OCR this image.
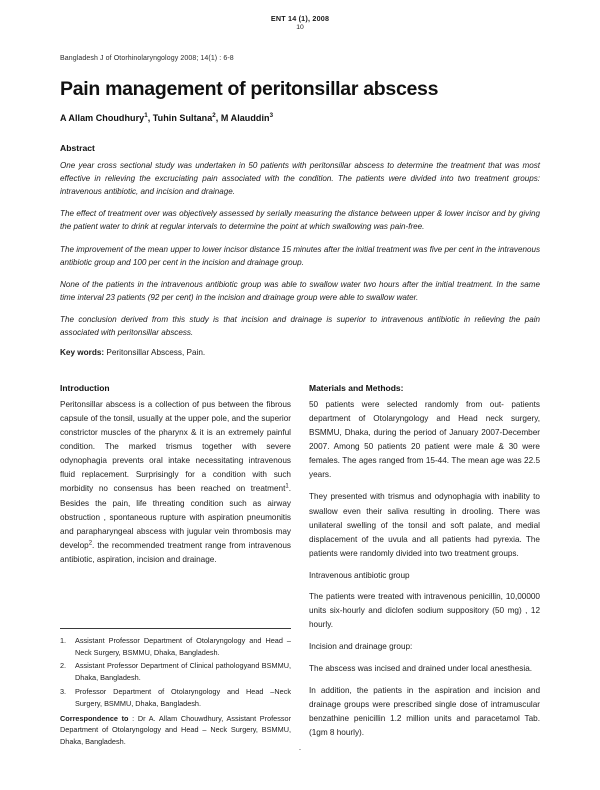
ENT 14 (1), 2008
10
Bangladesh J of Otorhinolaryngology 2008; 14(1) : 6-8
Pain management of peritonsillar abscess
A Allam Choudhury$^1$, Tuhin Sultana$^2$, M Alauddin$^3$
Abstract

One year cross sectional study was undertaken in 50 patients with peritonsillar abscess to determine the treatment that was most effective in relieving the excruciating pain associated with the condition. The patients were divided into two treatment groups: intravenous antibiotic, and incision and drainage.

The effect of treatment over was objectively assessed by serially measuring the distance between upper & lower incisor and by giving the patient water to drink at regular intervals to determine the point at which swallowing was pain-free.

The improvement of the mean upper to lower incisor distance 15 minutes after the initial treatment was five per cent in the intravenous antibiotic group and 100 per cent in the incision and drainage group.

None of the patients in the intravenous antibiotic group was able to swallow water two hours after the initial treatment. In the same time interval 23 patients (92 per cent) in the incision and drainage group were able to swallow water.

The conclusion derived from this study is that incision and drainage is superior to intravenous antibiotic in relieving the pain associated with peritonsillar abscess.

Key words: Peritonsillar Abscess, Pain.
Introduction

Peritonsillar abscess is a collection of pus between the fibrous capsule of the tonsil, usually at the upper pole, and the superior constrictor muscles of the pharynx & it is an extremely painful condition. The marked trismus together with severe odynophagia prevents oral intake necessitating intravenous fluid replacement. Surprisingly for a condition with such morbidity no consensus has been reached on treatment$^1$. Besides the pain, life threating condition such as airway obstruction , spontaneous rupture with aspiration pneumonitis and parapharyngeal abscess with jugular vein thrombosis may develop$^2$. the recommended treatment range from intravenous antibiotic, aspiration, incision and drainage.

1.	Assistant Professor Department of Otolaryngology and Head – Neck Surgery, BSMMU, Dhaka, Bangladesh.
2.	Assistant Professor Department of Clinical pathologyand BSMMU, Dhaka, Bangladesh.
3.	Professor Department of Otolaryngology and Head –Neck Surgery, BSMMU, Dhaka, Bangladesh.
Correspondence to : Dr A. Allam Chouwdhury, Assistant Professor Department of Otolaryngology and Head – Neck Surgery, BSMMU, Dhaka, Bangladesh.
Materials and Methods:

50 patients were selected randomly from out- patients department of Otolaryngology and Head neck surgery, BSMMU, Dhaka, during the period of January 2007-December 2007. Among 50 patients 20 patient were male & 30 were females. The ages ranged from 15-44. The mean age was 22.5 years.

They presented with trismus and odynophagia with inability to swallow even their saliva resulting in drooling. There was unilateral swelling of the tonsil and soft palate, and medial displacement of the uvula and all patients had pyrexia. The patients were randomly divided into two treatment groups.

Intravenous antibiotic group

The patients were treated with intravenous penicillin, 10,00000 units six-hourly and diclofen sodium suppository (50 mg) , 12 hourly.

Incision and drainage group:

The abscess was incised and drained under local anesthesia.

In addition, the patients in the aspiration and incision and drainage groups were prescribed single dose of intramuscular benzathine penicillin 1.2 million units and paracetamol Tab. (1gm 8 hourly).

.
